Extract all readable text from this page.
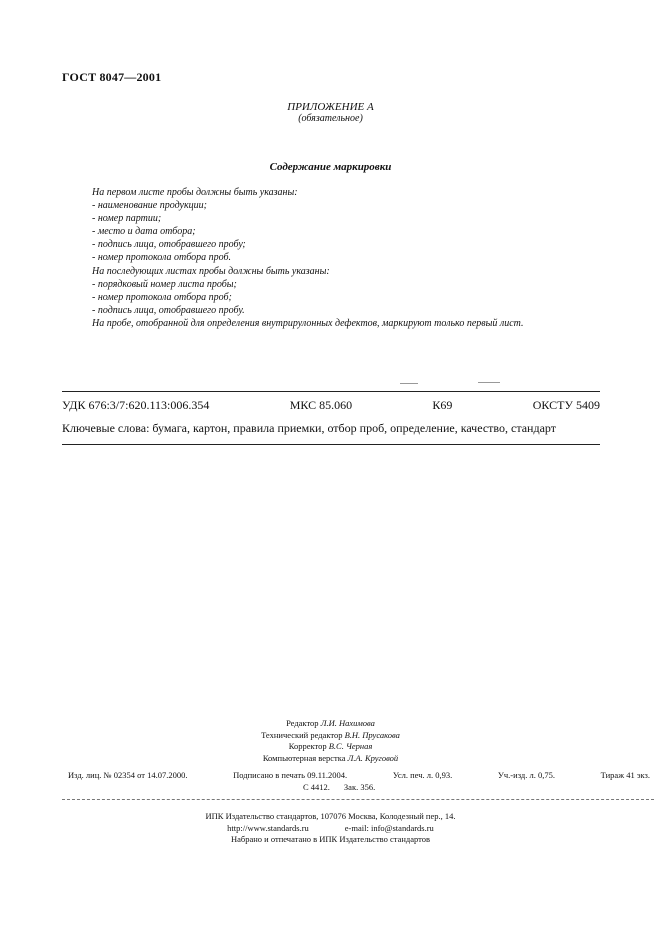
ГОСТ 8047—2001
ПРИЛОЖЕНИЕ А
(обязательное)
Содержание маркировки
На первом листе пробы должны быть указаны:
- наименование продукции;
- номер партии;
- место и дата отбора;
- подпись лица, отобравшего пробу;
- номер протокола отбора проб.
На последующих листах пробы должны быть указаны:
- порядковый номер листа пробы;
- номер протокола отбора проб;
- подпись лица, отобравшего пробу.
На пробе, отобранной для определения внутрирулонных дефектов, маркируют только первый лист.
УДК 676:3/7:620.113:006.354	МКС 85.060	К69	ОКСТУ 5409
Ключевые слова: бумага, картон, правила приемки, отбор проб, определение, качество, стандарт
Редактор Л.И. Нахимова
Технический редактор В.Н. Прусакова
Корректор В.С. Черная
Компьютерная верстка Л.А. Круговой
Изд. лиц. № 02354 от 14.07.2000.	Подписано в печать 09.11.2004.	Усл. печ. л. 0,93.	Уч.-изд. л. 0,75.	Тираж 41 экз.
С 4412. Зак. 356.
ИПК Издательство стандартов, 107076 Москва, Колодезный пер., 14.
http://www.standards.ru	e-mail: info@standards.ru
Набрано и отпечатано в ИПК Издательство стандартов
